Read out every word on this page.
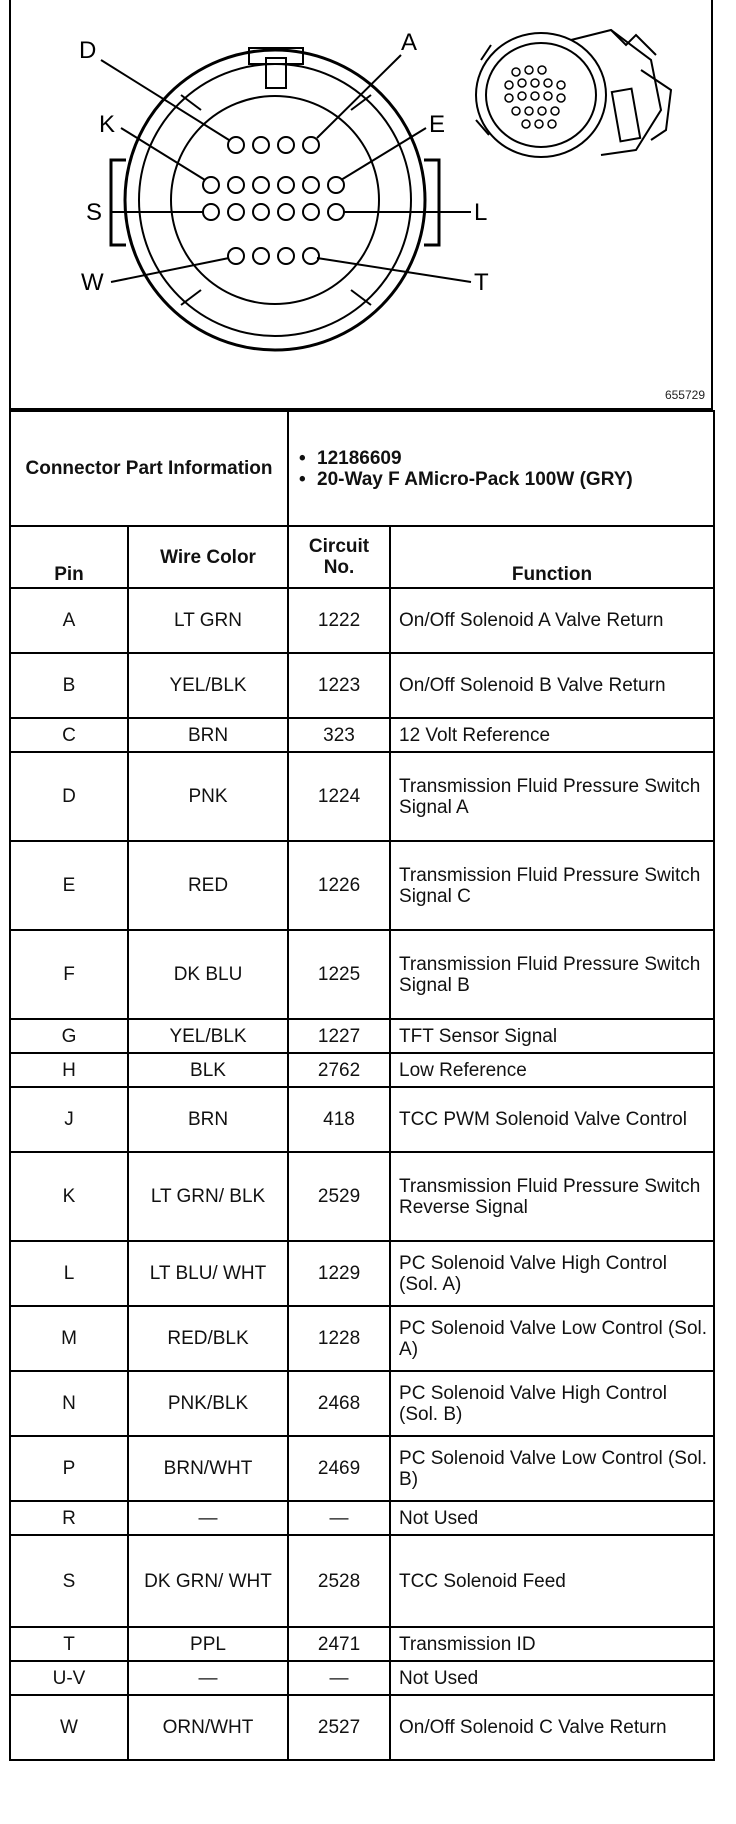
D	A
K	E
S	L
W	T
655729
Connector Part Information		• 12186609
• 20-Way F AMicro-Pack 100W (GRY)

Pin	Wire Color	Circuit No.	Function
A	LT GRN	1222	On/Off Solenoid A Valve Return
B	YEL/BLK	1223	On/Off Solenoid B Valve Return
C	BRN	323	12 Volt Reference
D	PNK	1224	Transmission Fluid Pressure Switch Signal A
E	RED	1226	Transmission Fluid Pressure Switch Signal C
F	DK BLU	1225	Transmission Fluid Pressure Switch Signal B
G	YEL/BLK	1227	TFT Sensor Signal
H	BLK	2762	Low Reference
J	BRN	418	TCC PWM Solenoid Valve Control
K	LT GRN/ BLK	2529	Transmission Fluid Pressure Switch Reverse Signal
L	LT BLU/ WHT	1229	PC Solenoid Valve High Control (Sol. A)
M	RED/BLK	1228	PC Solenoid Valve Low Control (Sol. A)
N	PNK/BLK	2468	PC Solenoid Valve High Control (Sol. B)
P	BRN/WHT	2469	PC Solenoid Valve Low Control (Sol. B)
R	—	—	Not Used
S	DK GRN/ WHT	2528	TCC Solenoid Feed
T	PPL	2471	Transmission ID
U-V	—	—	Not Used
W	ORN/WHT	2527	On/Off Solenoid C Valve Return
